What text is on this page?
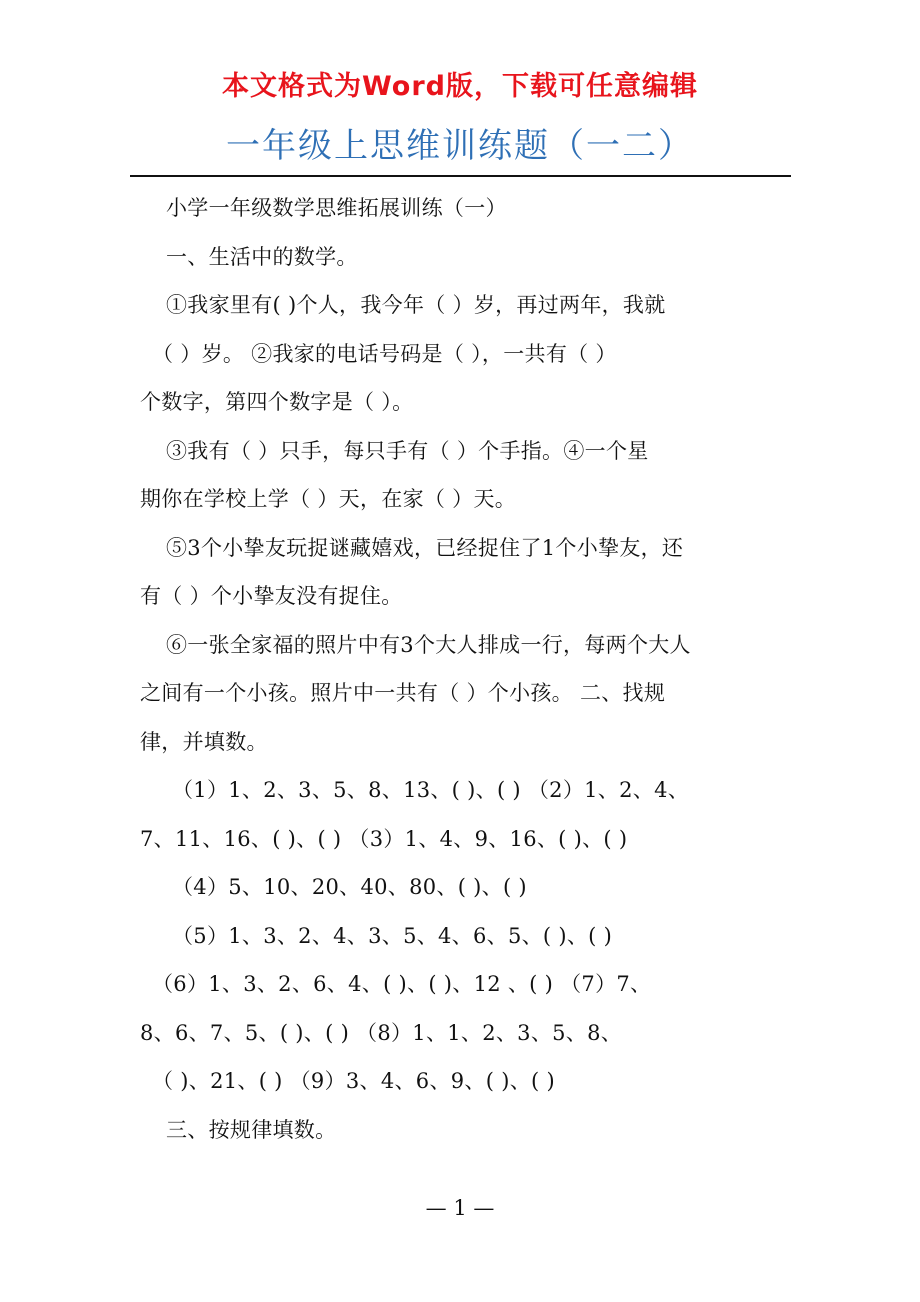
本文格式为Word版，下载可任意编辑
一年级上思维训练题（一二）

小学一年级数学思维拓展训练（一）

一、生活中的数学。

①我家里有( )个人，我今年（ ）岁，再过两年，我就

（ ）岁。 ②我家的电话号码是（ ），一共有（ ）

个数字，第四个数字是（ ）。

③我有（ ）只手，每只手有（ ）个手指。④一个星

期你在学校上学（ ）天，在家（ ）天。

⑤3个小挚友玩捉谜藏嬉戏，已经捉住了1个小挚友，还

有（ ）个小挚友没有捉住。

⑥一张全家福的照片中有3个大人排成一行，每两个大人

之间有一个小孩。照片中一共有（ ）个小孩。 二、找规

律，并填数。

（1）1、2、3、5、8、13、( )、( ) （2）1、2、4、

7、11、16、( )、( ) （3）1、4、9、16、( )、( )

（4）5、10、20、40、80、( )、( )

（5）1、3、2、4、3、5、4、6、5、( )、( )

（6）1、3、2、6、4、( )、( )、12 、( ) （7）7、

8、6、7、5、( )、( ) （8）1、1、2、3、5、8、

（ )、21、( ) （9）3、4、6、9、( )、( )

三、按规律填数。

— 1 —
